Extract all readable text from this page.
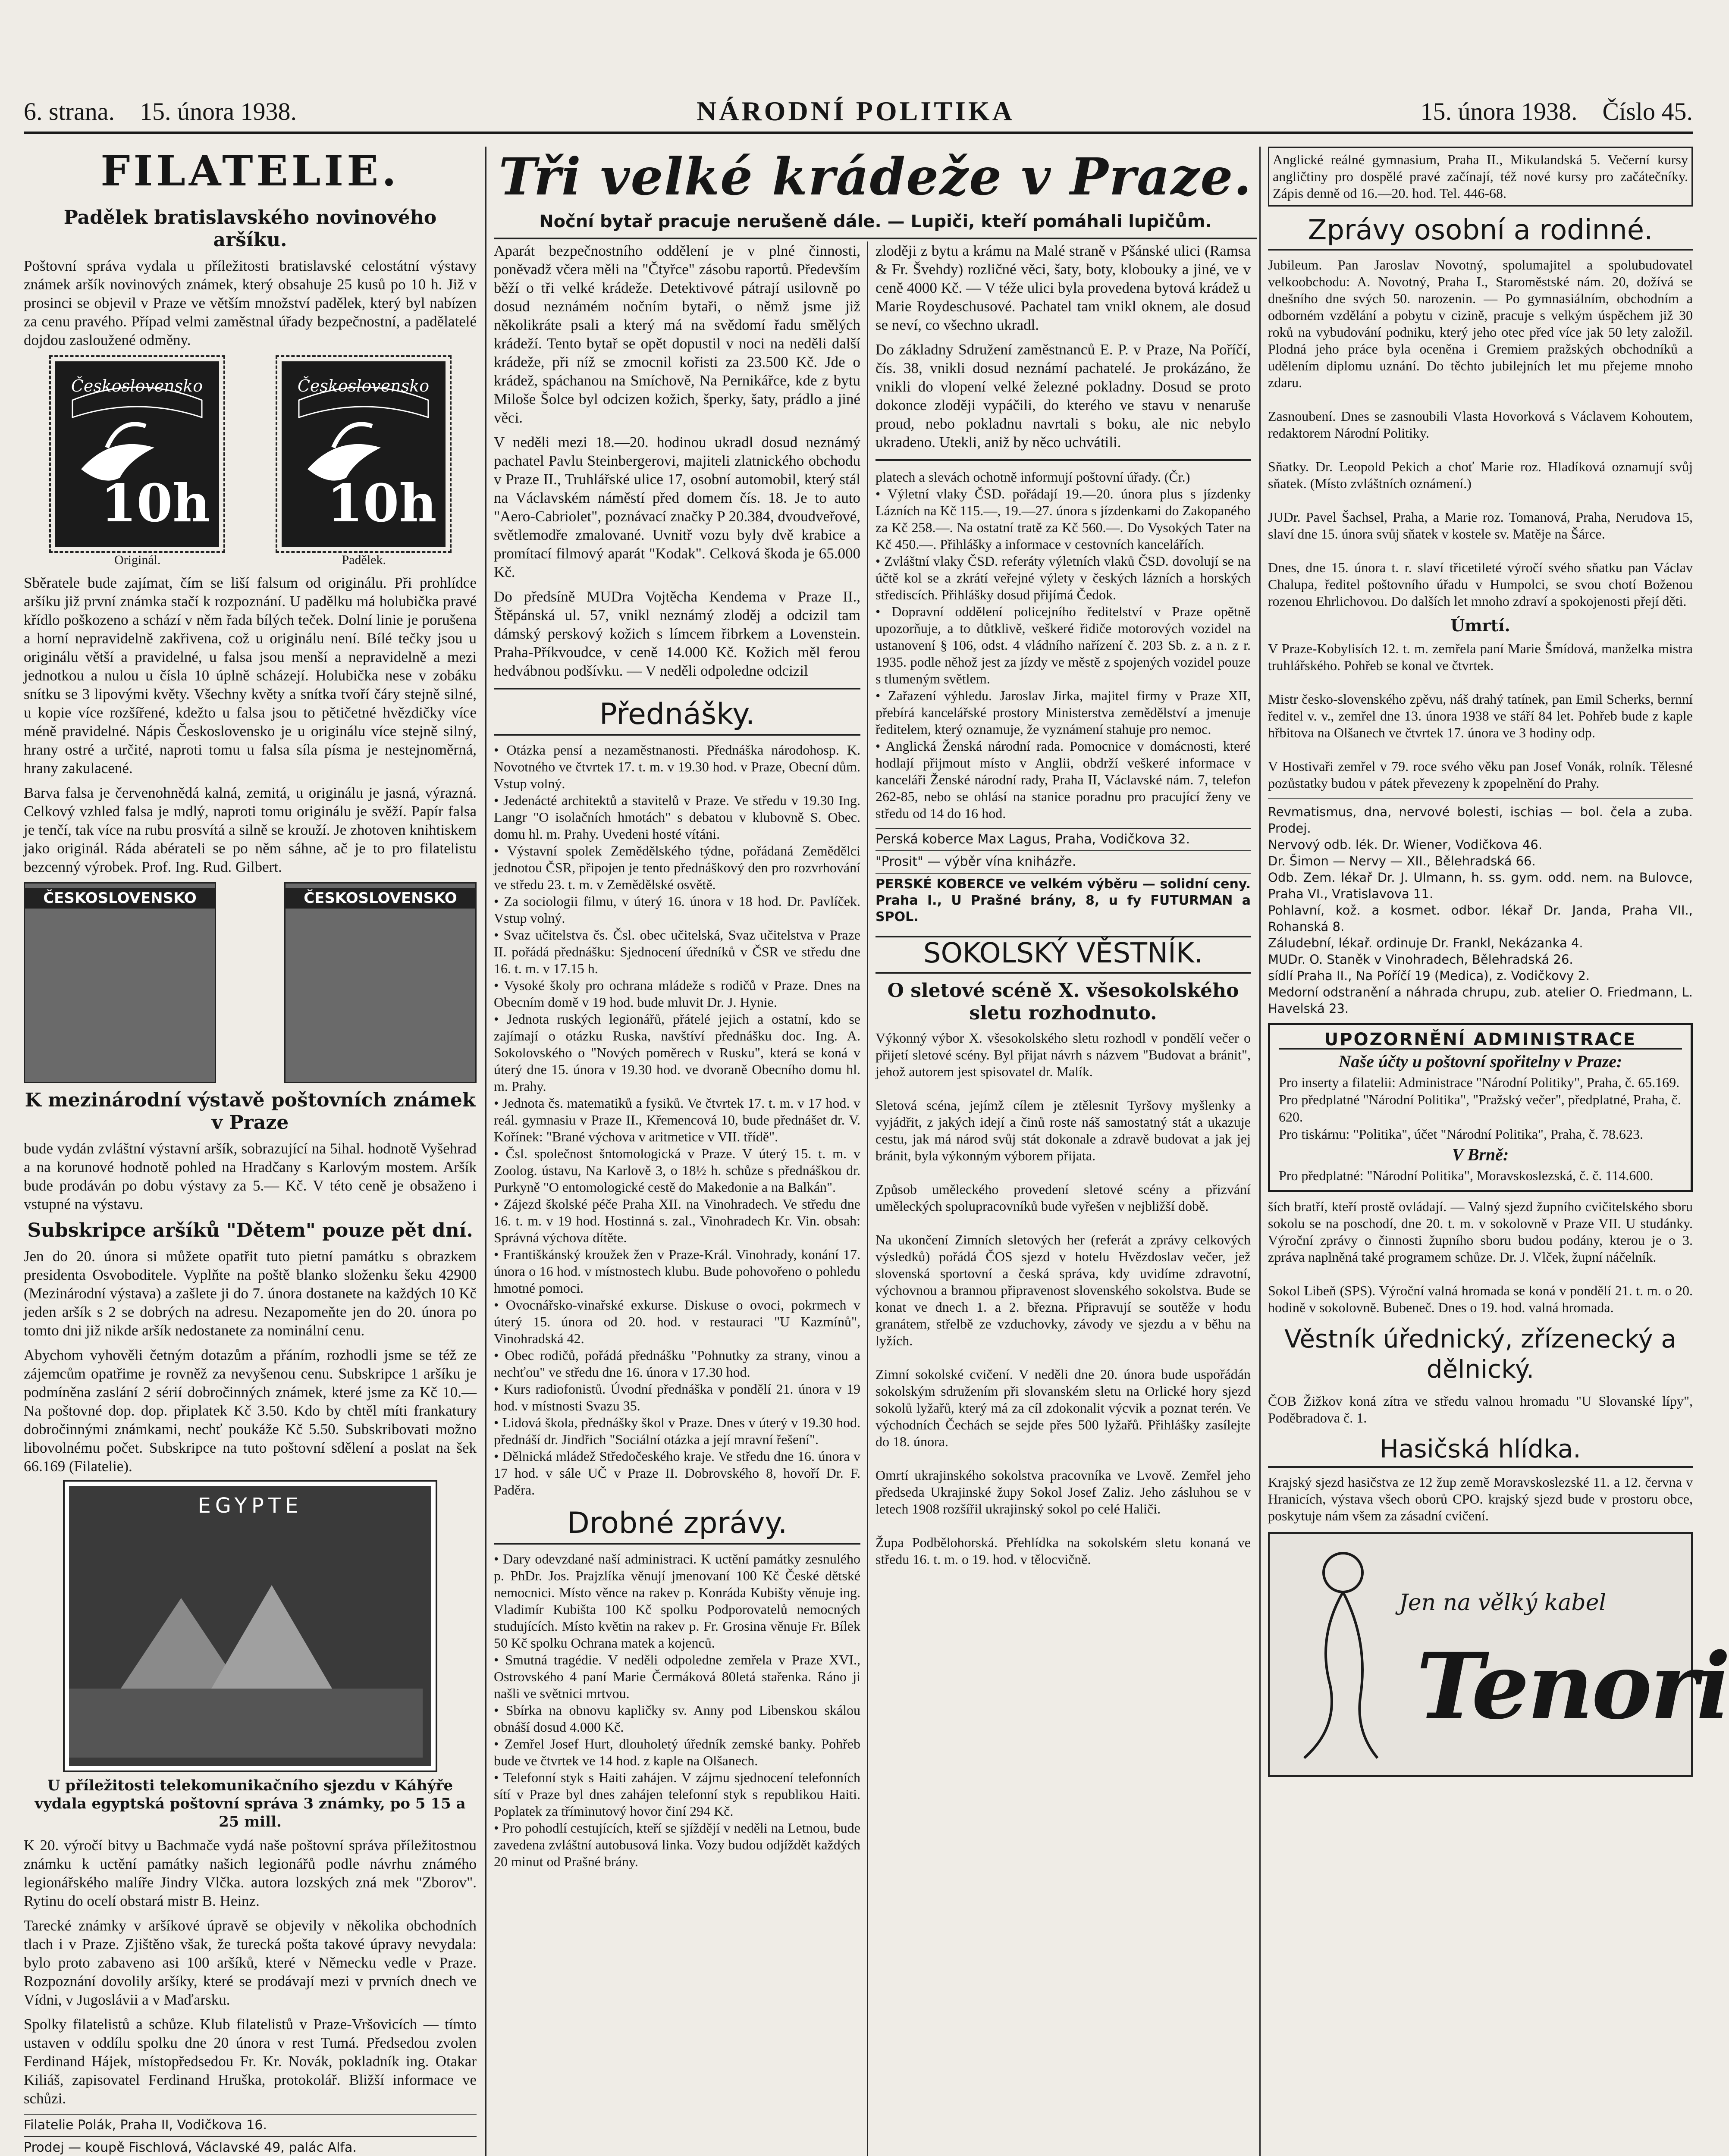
6. strana. 15. února 1938.	NÁRODNÍ POLITIKA	15. února 1938. Číslo 45.
FILATELIE.
Padělek bratislavského novinového aršíku.

Poštovní správa vydala u příležitosti bratislavské celostátní výstavy známek aršík novinových známek, který obsahuje 25 kusů po 10 h. Již v prosinci se objevil v Praze ve větším množství padělek, který byl nabízen za cenu pravého. Případ velmi zaměstnal úřady bezpečnostní, a padělatelé dojdou zasloužené odměny.

Československo
10h
Československo
10h
Originál.	Padělek.

Sběratele bude zajímat, čím se liší falsum od originálu. Při prohlídce aršíku již první známka stačí k rozpoznání. U padělku má holubička pravé křídlo poškozeno a schází v něm řada bílých teček. Dolní linie je porušena a horní nepravidelně zakřivena, což u originálu není. Bílé tečky jsou u originálu větší a pravidelné, u falsa jsou menší a nepravidelně a mezi jednotkou a nulou u čísla 10 úplně scházejí. Holubička nese v zobáku snítku se 3 lipovými květy. Všechny květy a snítka tvoří čáry stejně silné, u kopie více rozšířené, kdežto u falsa jsou to pětičetné hvězdičky více méně pravidelné. Nápis Československo je u originálu více stejně silný, hrany ostré a určité, naproti tomu u falsa síla písma je nestejnoměrná, hrany zakulacené.

Barva falsa je červenohnědá kalná, zemitá, u originálu je jasná, výrazná. Celkový vzhled falsa je mdlý, naproti tomu originálu je svěží. Papír falsa je tenčí, tak více na rubu prosvítá a silně se krouží. Je zhotoven knihtiskem jako originál. Ráda abérateli se po něm sáhne, ač je to pro filatelistu bezcenný výrobek. Prof. Ing. Rud. Gilbert.

ČESKOSLOVENSKO	ČESKOSLOVENSKO
K mezinárodní výstavě poštovních známek v Praze

bude vydán zvláštní výstavní aršík, sobrazující na 5ihal. hodnotě Vyšehrad a na korunové hodnotě pohled na Hradčany s Karlovým mostem. Aršík bude prodáván po dobu výstavy za 5.— Kč. V této ceně je obsaženo i vstupné na výstavu.

Subskripce aršíků "Dětem" pouze pět dní.

Jen do 20. února si můžete opatřit tuto pietní památku s obrazkem presidenta Osvoboditele. Vyplňte na poště blanko složenku šeku 42900 (Mezinárodní výstava) a zašlete ji do 7. února dostanete na každých 10 Kč jeden aršík s 2 se dobrých na adresu. Nezapomeňte jen do 20. února po tomto dni již nikde aršík nedostanete za nominální cenu.

Abychom vyhověli četným dotazům a přáním, rozhodli jsme se též ze zájemcům opatřime je rovněž za nevyšenou cenu. Subskripce 1 aršíku je podmíněna zaslání 2 sérií dobročinných známek, které jsme za Kč 10.— Na poštovné dop. dop. připlatek Kč 3.50. Kdo by chtěl míti frankatury dobročinnými známkami, nechť poukáže Kč 5.50. Subskribovati možno libovolnému počet. Subskripce na tuto poštovní sdělení a poslat na šek 66.169 (Filatelie).

EGYPTE
U příležitosti telekomunikačního sjezdu v Káhýře vydala egyptská poštovní správa 3 známky, po 5 15 a 25 mill.

K 20. výročí bitvy u Bachmače vydá naše poštovní správa příležitostnou známku k uctění památky našich legionářů podle návrhu známého legionářského malíře Jindry Vlčka. autora lozských zná mek "Zborov". Rytinu do ocelí obstará mistr B. Heinz.

Tarecké známky v aršíkové úpravě se objevily v několika obchodních tlach i v Praze. Zjištěno však, že turecká pošta takové úpravy nevydala: bylo proto zabaveno asi 100 aršíků, které v Německu vedle v Praze. Rozpoznání dovolily aršíky, které se prodávají mezi v prvních dnech ve Vídni, v Jugoslávii a v Maďarsku.

Spolky filatelistů a schůze. Klub filatelistů v Praze-Vršovicích — tímto ustaven v oddílu spolku dne 20 února v rest Tumá. Předsedou zvolen Ferdinand Hájek, místopředsedou Fr. Kr. Novák, pokladník ing. Otakar Kiliáš, zapisovatel Ferdinand Hruška, protokolář. Bližší informace ve schůzi.

Filatelie Polák, Praha II, Vodičkova 16.
Prodej — koupě Fischlová, Václavské 49, palác Alfa.
Tři velké krádeže v Praze.
Noční bytař pracuje nerušeně dále. — Lupiči, kteří pomáhali lupičům.

Aparát bezpečnostního oddělení je v plné činnosti, poněvadž včera měli na "Čtyřce" zásobu raportů. Především běží o tři velké krádeže. Detektivové pátrají usilovně po dosud neznámém nočním bytaři, o němž jsme již několikráte psali a který má na svědomí řadu smělých krádeží. Tento bytař se opět dopustil v noci na neděli další krádeže, při níž se zmocnil kořisti za 23.500 Kč. Jde o krádež, spáchanou na Smíchově, Na Pernikářce, kde z bytu Miloše Šolce byl odcizen kožich, šperky, šaty, prádlo a jiné věci.

V neděli mezi 18.—20. hodinou ukradl dosud neznámý pachatel Pavlu Steinbergerovi, majiteli zlatnického obchodu v Praze II., Truhlářské ulice 17, osobní automobil, který stál na Václavském náměstí před domem čís. 18. Je to auto "Aero-Cabriolet", poznávací značky P 20.384, dvoudveřové, světlemodře zmalované. Uvnitř vozu byly dvě krabice a promítací filmový aparát "Kodak". Celková škoda je 65.000 Kč.

Do předsíně MUDra Vojtěcha Kendema v Praze II., Štěpánská ul. 57, vnikl neznámý zloděj a odcizil tam dámský perskový kožich s límcem řibrkem a Lovenstein. Praha-Příkvoudce, v ceně 14.000 Kč. Kožich měl ferou hedvábnou podšívku. — V neděli odpoledne odcizil

Přednášky.

• Otázka pensí a nezaměstnanosti. Přednáška národohosp. K. Novotného ve čtvrtek 17. t. m. v 19.30 hod. v Praze, Obecní dům. Vstup volný.
• Jedenácté architektů a stavitelů v Praze. Ve středu v 19.30 Ing. Langr "O isolačních hmotách" s debatou v klubovně S. Obec. domu hl. m. Prahy. Uvedeni hosté vítáni.
• Výstavní spolek Zemědělského týdne, pořádaná Zemědělci jednotou ČSR, připojen je tento přednáškový den pro rozvrhování ve středu 23. t. m. v Zemědělské osvětě.
• Za sociologii filmu, v úterý 16. února v 18 hod. Dr. Pavlíček. Vstup volný.
• Svaz učitelstva čs. Čsl. obec učitelská, Svaz učitelstva v Praze II. pořádá přednášku: Sjednocení úředníků v ČSR ve středu dne 16. t. m. v 17.15 h.
• Vysoké školy pro ochrana mládeže s rodičů v Praze. Dnes na Obecním domě v 19 hod. bude mluvit Dr. J. Hynie.
• Jednota ruských legionářů, přátelé jejich a ostatní, kdo se zajímají o otázku Ruska, navštíví přednášku doc. Ing. A. Sokolovského o "Nových poměrech v Rusku", která se koná v úterý dne 15. února v 19.30 hod. ve dvoraně Obecního domu hl. m. Prahy.
• Jednota čs. matematiků a fysiků. Ve čtvrtek 17. t. m. v 17 hod. v reál. gymnasiu v Praze II., Křemencová 10, bude přednášet dr. V. Kořínek: "Brané výchova v aritmetice v VII. třídě".
• Čsl. společnost šntomologická v Praze. V úterý 15. t. m. v Zoolog. ústavu, Na Karlově 3, o 18½ h. schůze s přednáškou dr. Purkyně "O entomologické cestě do Makedonie a na Balkán".
• Zájezd školské péče Praha XII. na Vinohradech. Ve středu dne 16. t. m. v 19 hod. Hostinná s. zal., Vinohradech Kr. Vin. obsah: Správná výchova dítěte.
• Františkánský kroužek žen v Praze-Král. Vinohrady, konání 17. února o 16 hod. v místnostech klubu. Bude pohovořeno o pohledu hmotné pomoci.
• Ovocnářsko-vinařské exkurse. Diskuse o ovoci, pokrmech v úterý 15. února od 20. hod. v restauraci "U Kazmínů", Vinohradská 42.
• Obec rodičů, pořádá přednášku "Pohnutky za strany, vinou a nechťou" ve středu dne 16. února v 17.30 hod.
• Kurs radiofonistů. Úvodní přednáška v pondělí 21. února v 19 hod. v místnosti Svazu 35.
• Lidová škola, přednášky škol v Praze. Dnes v úterý v 19.30 hod. přednáší dr. Jindřich "Sociální otázka a její mravní řešení".
• Dělnická mládež Středočeského kraje. Ve středu dne 16. února v 17 hod. v sále UČ v Praze II. Dobrovského 8, hovoří Dr. F. Paděra.

Drobné zprávy.

• Dary odevzdané naší administraci. K uctění památky zesnulého p. PhDr. Jos. Prajzlíka věnují jmenovaní 100 Kč České dětské nemocnici. Místo věnce na rakev p. Konráda Kubišty věnuje ing. Vladimír Kubišta 100 Kč spolku Podporovatelů nemocných studujících. Místo květin na rakev p. Fr. Grosina věnuje Fr. Bílek 50 Kč spolku Ochrana matek a kojenců.
• Smutná tragédie. V neděli odpoledne zemřela v Praze XVI., Ostrovského 4 paní Marie Čermáková 80letá stařenka. Ráno ji našli ve světnici mrtvou.
• Sbírka na obnovu kapličky sv. Anny pod Libenskou skálou obnáší dosud 4.000 Kč.
• Zemřel Josef Hurt, dlouholetý úředník zemské banky. Pohřeb bude ve čtvrtek ve 14 hod. z kaple na Olšanech.
• Telefonní styk s Haiti zahájen. V zájmu sjednocení telefonních sítí v Praze byl dnes zahájen telefonní styk s republikou Haiti. Poplatek za tříminutový hovor činí 294 Kč.
• Pro pohodlí cestujících, kteří se sjíždějí v neděli na Letnou, bude zavedena zvláštní autobusová linka. Vozy budou odjíždět každých 20 minut od Prašné brány.

zloději z bytu a krámu na Malé straně v Pšánské ulici (Ramsa & Fr. Švehdy) rozličné věci, šaty, boty, klobouky a jiné, ve v ceně 4000 Kč. — V téže ulici byla provedena bytová krádež u Marie Roydeschusové. Pachatel tam vnikl oknem, ale dosud se neví, co všechno ukradl.

Do základny Sdružení zaměstnanců E. P. v Praze, Na Poříčí, čís. 38, vnikli dosud neznámí pachatelé. Je prokázáno, že vnikli do vlopení velké železné pokladny. Dosud se proto dokonce zloději vypáčili, do kterého ve stavu v nenaruše proud, nebo pokladnu navrtali s boku, ale nic nebylo ukradeno. Utekli, aniž by něco uchvátili.

platech a slevách ochotně informují poštovní úřady. (Čr.)
• Výletní vlaky ČSD. pořádají 19.—20. února plus s jízdenky Lázních na Kč 115.—, 19.—27. února s jízdenkami do Zakopaného za Kč 258.—. Na ostatní tratě za Kč 560.—. Do Vysokých Tater na Kč 450.—. Přihlášky a informace v cestovních kancelářích.
• Zvláštní vlaky ČSD. referáty výletních vlaků ČSD. dovolují se na účtě kol se a zkrátí veřejné výlety v českých lázních a horských střediscích. Přihlášky dosud přijímá Čedok.
• Dopravní oddělení policejního ředitelství v Praze opětně upozorňuje, a to důtklivě, veškeré řidiče motorových vozidel na ustanovení § 106, odst. 4 vládního nařízení č. 203 Sb. z. a n. z r. 1935. podle něhož jest za jízdy ve městě z spojených vozidel pouze s tlumeným světlem.
• Zařazení výhledu. Jaroslav Jirka, majitel firmy v Praze XII, přebírá kancelářské prostory Ministerstva zemědělství a jmenuje ředitelem, který oznamuje, že vyznámení stahuje pro nemoc.
• Anglická Ženská národní rada. Pomocnice v domácnosti, které hodlají přijmout místo v Anglii, obdrží veškeré informace v kanceláři Ženské národní rady, Praha II, Václavské nám. 7, telefon 262-85, nebo se ohlásí na stanice poradnu pro pracující ženy ve středu od 14 do 16 hod.

Perská koberce Max Lagus, Praha, Vodičkova 32.
"Prosit" — výběr vína kniházře.
PERSKÉ KOBERCE ve velkém výběru — solidní ceny. Praha I., U Prašné brány, 8, u fy FUTURMAN a SPOL.
SOKOLSKÝ VĚSTNÍK.
O sletové scéně X. všesokolského sletu rozhodnuto.

Výkonný výbor X. všesokolského sletu rozhodl v pondělí večer o přijetí sletové scény. Byl přijat návrh s názvem "Budovat a bránit", jehož autorem jest spisovatel dr. Malík.

Sletová scéna, jejímž cílem je ztělesnit Tyršovy myšlenky a vyjádřit, z jakých idejí a činů roste náš samostatný stát a ukazuje cestu, jak má národ svůj stát dokonale a zdravě budovat a jak jej bránit, byla výkonným výborem přijata.

Způsob uměleckého provedení sletové scény a přizvání uměleckých spolupracovníků bude vyřešen v nejbližší době.

Na ukončení Zimních sletových her (referát a zprávy celkových výsledků) pořádá ČOS sjezd v hotelu Hvězdoslav večer, jež slovenská sportovní a česká správa, kdy uvidíme zdravotní, výchovnou a brannou připravenost slovenského sokolstva. Bude se konat ve dnech 1. a 2. března. Připravují se soutěže v hodu granátem, střelbě ze vzduchovky, závody ve sjezdu a v běhu na lyžích.

Zimní sokolské cvičení. V neděli dne 20. února bude uspořádán sokolským sdružením při slovanském sletu na Orlické hory sjezd sokolů lyžařů, který má za cíl zdokonalit výcvik a poznat terén. Ve východních Čechách se sejde přes 500 lyžařů. Přihlášky zasílejte do 18. února.

Omrtí ukrajinského sokolstva pracovníka ve Lvově. Zemřel jeho předseda Ukrajinské župy Sokol Josef Zaliz. Jeho zásluhou se v letech 1908 rozšířil ukrajinský sokol po celé Haliči.

Župa Podbělohorská. Přehlídka na sokolském sletu konaná ve středu 16. t. m. o 19. hod. v tělocvičně.

Anglické reálné gymnasium, Praha II., Mikulandská 5. Večerní kursy angličtiny pro dospělé pravé začínají, též nové kursy pro začátečníky. Zápis denně od 16.—20. hod. Tel. 446-68.

Zprávy osobní a rodinné.

Jubileum. Pan Jaroslav Novotný, spolumajitel a spolubudovatel velkoobchodu: A. Novotný, Praha I., Staroměstské nám. 20, dožívá se dnešního dne svých 50. narozenin. — Po gymnasiálním, obchodním a odborném vzdělání a pobytu v cizině, pracuje s velkým úspěchem již 30 roků na vybudování podniku, který jeho otec před více jak 50 lety založil. Plodná jeho práce byla oceněna i Gremiem pražských obchodníků a udělením diplomu uznání. Do těchto jubilejních let mu přejeme mnoho zdaru.

Zasnoubení. Dnes se zasnoubili Vlasta Hovorková s Václavem Kohoutem, redaktorem Národní Politiky.

Sňatky. Dr. Leopold Pekich a choť Marie roz. Hladíková oznamují svůj sňatek. (Místo zvláštních oznámení.)

JUDr. Pavel Šachsel, Praha, a Marie roz. Tomanová, Praha, Nerudova 15, slaví dne 15. února svůj sňatek v kostele sv. Matěje na Šárce.

Dnes, dne 15. února t. r. slaví třicetileté výročí svého sňatku pan Václav Chalupa, ředitel poštovního úřadu v Humpolci, se svou chotí Boženou rozenou Ehrlichovou. Do dalších let mnoho zdraví a spokojenosti přejí děti.

Úmrtí.

V Praze-Kobylisích 12. t. m. zemřela paní Marie Šmídová, manželka mistra truhlářského. Pohřeb se konal ve čtvrtek.

Mistr česko-slovenského zpěvu, náš drahý tatínek, pan Emil Scherks, bernní ředitel v. v., zemřel dne 13. února 1938 ve stáří 84 let. Pohřeb bude z kaple hřbitova na Olšanech ve čtvrtek 17. února ve 3 hodiny odp.

V Hostivaři zemřel v 79. roce svého věku pan Josef Vonák, rolník. Tělesné pozůstatky budou v pátek převezeny k zpopelnění do Prahy.

Revmatismus, dna, nervové bolesti, ischias — bol. čela a zuba. Prodej.
Nervový odb. lék. Dr. Wiener, Vodičkova 46.
Dr. Šimon — Nervy — XII., Bělehradská 66.
Odb. Zem. lékař Dr. J. Ulmann, h. ss. gym. odd. nem. na Bulovce, Praha VI., Vratislavova 11.
Pohlavní, kož. a kosmet. odbor. lékař Dr. Janda, Praha VII., Rohanská 8.
Záludební, lékař. ordinuje Dr. Frankl, Nekázanka 4.
MUDr. O. Staněk v Vinohradech, Bělehradská 26.
sídlí Praha II., Na Poříčí 19 (Medica), z. Vodičkovy 2.
Medorní odstranění a náhrada chrupu, zub. atelier O. Friedmann, L. Havelská 23.

UPOZORNĚNÍ ADMINISTRACE
Naše účty u poštovní spořitelny v Praze:
Pro inserty a filatelii: Administrace "Národní Politiky", Praha, č. 65.169.
Pro předplatné "Národní Politika", "Pražský večer", předplatné, Praha, č. 620.
Pro tiskárnu: "Politika", účet "Národní Politika", Praha, č. 78.623.
V Brně:
Pro předplatné: "Národní Politika", Moravskoslezská, č. č. 114.600.

ších bratří, kteří prostě ovládají. — Valný sjezd župního cvičitelského sboru sokolu se na poschodí, dne 20. t. m. v sokolovně v Praze VII. U studánky. Výroční zprávy o činnosti župního sboru budou podány, kterou je o 3. zpráva naplněná také programem schůze. Dr. J. Vlček, župní náčelník.

Sokol Libeň (SPS). Výroční valná hromada se koná v pondělí 21. t. m. o 20. hodině v sokolovně. Bubeneč. Dnes o 19. hod. valná hromada.

Věstník úřednický, zřízenecký a dělnický.

ČOB Žižkov koná zítra ve středu valnou hromadu "U Slovanské lípy", Poděbradova č. 1.

Hasičská hlídka.

Krajský sjezd hasičstva ze 12 žup země Moravskoslezské 11. a 12. června v Hranicích, výstava všech oborů CPO. krajský sjezd bude v prostoru obce, poskytuje nám všem za zásadní cvičení.

Jen na vělký kabel
Tenori
